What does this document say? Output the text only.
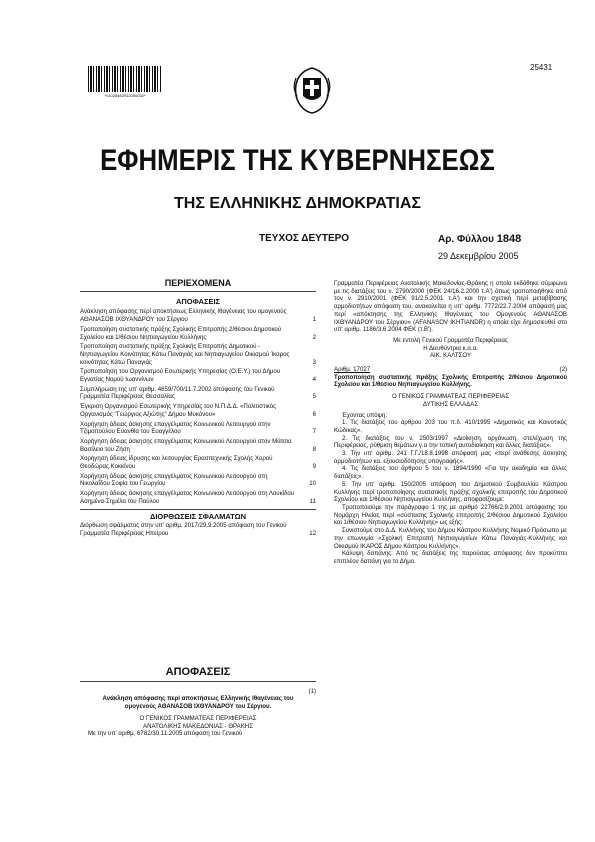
*01028482912050032*
25431
ΕΦΗΜΕΡΙΣ ΤΗΣ ΚΥΒΕΡΝΗΣΕΩΣ
ΤΗΣ ΕΛΛΗΝΙΚΗΣ ΔΗΜΟΚΡΑΤΙΑΣ
ΤΕΥΧΟΣ ΔΕΥΤΕΡΟ	Αρ. Φύλλου 1848
29 Δεκεμβρίου 2005
ΠΕΡΙΕΧΟΜΕΝΑ
ΑΠΟΦΑΣΕΙΣ
Ανάκληση απόφασης περί αποκτήσεως Ελληνικής Ιθαγένειας του ομογενούς ΑΘΑΝΑΣΟΒ ΙΧΘΥΑΝΔΡΟΥ του Σέργιου	1
Τροποποίηση συστατικής πράξης Σχολικής Επιτροπής 2/θέσιου Δημοτικού Σχολείου και 1/θέσιου Νηπιαγωγείου Κυλλήνης	2
Τροποποίηση συστατικής πράξης Σχολικής Επιτροπής Δημοτικού - Νηπιαγωγείου Κοινότητας Κάτω Παναγιάς και Νηπιαγωγείου Οικισμού Ίκαρος κοινότητας Κάτω Παναγιάς	3
Τροποποίηση του Οργανισμού Εσωτερικής Υπηρεσίας (Ο.Ε.Υ.) του Δήμου Εγνατίας Νομού Ιωαννίνων	4
Συμπλήρωση της υπ' αριθμ. 4659/700/11.7.2002 απόφασης του Γενικού Γραμματέα Περιφέρειας Θεσσαλίας	5
Έγκριση Οργανισμού Εσωτερικής Υπηρεσίας του Ν.Π.Δ.Δ. «Πολιτιστικός Οργανισμός "Γεώργιος Αξιώτης" Δήμου Μυκόνου»	6
Χορήγηση άδειας άσκησης επαγγέλματος Κοινωνικού Λειτουργού στην Τζιμοπούλου Ευανθία του Ευαγγέλου	7
Χορήγηση άδειας άσκησης επαγγέλματος Κοινωνικού Λειτουργού στον Μάτσια Βασίλειο του Ζήση	8
Χορήγηση άδειας ίδρυσης και λειτουργίας Ερασιτεχνικής Σχολής Χορού Θεοδώρας Κοκκίνου	9
Χορήγηση άδειας άσκησης επαγγέλματος Κοινωνικού Λειτουργού στη Νικολαΐδου Σοφία του Γεωργίου	10
Χορήγηση άδειας άσκησης επαγγέλματος Κοινωνικού Λειτουργού στη Λουκίδου Ασημένα-Σημέλα του Παύλου	11
ΔΙΟΡΘΩΣΕΙΣ ΣΦΑΛΜΑΤΩΝ
Διόρθωση σφάλματος στην υπ' αριθμ. 2017/29.9.2005 απόφαση του Γενικού Γραμματέα Περιφέρειας Ηπείρου	12
ΑΠΟΦΑΣΕΙΣ
(1)
Ανάκληση απόφασης περί αποκτήσεως Ελληνικής Ιθαγένειας του ομογενούς ΑΘΑΝΑΣΟΒ ΙΧΘΥΑΝΔΡΟΥ του Σέργιου.
Ο ΓΕΝΙΚΟΣ ΓΡΑΜΜΑΤΕΑΣ ΠΕΡΙΦΕΡΕΙΑΣ
ΑΝΑΤΟΛΙΚΗΣ ΜΑΚΕΔΟΝΙΑΣ - ΘΡΑΚΗΣ

Με την υπ' αριθμ. 6782/30.11.2005 απόφαση του Γενικού

Γραμματέα Περιφέρειας Ανατολικής Μακεδονίας-Θράκης η οποία εκδόθηκε σύμφωνα με τις διατάξεις του ν. 2790/2000 (ΦΕΚ 24/16.2.2000 τ.Α') όπως τροποποιήθηκε από τον ν. 2910/2001 (ΦΕΚ 91/2.5.2001 τ.Α') και την σχετική περί μεταβίβασης αρμοδιοτήτων απόφαση του, ανακαλείται η υπ' αριθμ. 7772/22.7.2004 απόφασή μας περί «απόκτησης της Ελληνικής Ιθαγένειας του Ομογενούς ΑΘΑΝΑΣΟΒ ΙΧΘΥΑΝΔΡΟΥ του Σέργιου» (AFANASOV IKHTIANDR) η οποία είχε δημοσιευθεί στο υπ' αριθμ. 1186/3.6.2004 ΦΕΚ (τ.Β').

Με εντολή Γενικού Γραμματέα Περιφέρειας
Η Διευθύντρια κ.α.α.
ΑΙΚ. ΚΑΛΤΣΟΥ
Αριθμ. 17027	(2)

Τροποποίηση συστατικής πράξης Σχολικής Επιτροπής 2/θέσιου Δημοτικού Σχολείου και 1/θέσιου Νηπιαγωγείου Κυλλήνης.

Ο ΓΕΝΙΚΟΣ ΓΡΑΜΜΑΤΕΑΣ ΠΕΡΙΦΕΡΕΙΑΣ
ΔΥΤΙΚΗΣ ΕΛΛΑΔΑΣ

Έχοντας υπόψη:

1. Τις διατάξεις του άρθρου 203 του π.δ. 410/1995 «Δημοτικός και Κοινοτικός Κώδικας».

2. Τις διατάξεις του ν. 2503/1997 «Διοίκηση, οργάνωση, στελέχωση της Περιφέρειας, ρύθμιση θεμάτων γ.α την τοπική αυτοδιοίκηση και άλλες διατάξεις».

3. Την υπ' αριθμ. 241 Γ.Γ./18.8.1998 απόφασή μας «περί ανάθεσης άσκησης αρμοδιοτήτων κα. εξουσιοδότησης υπογραφής».

4. Τις διατάξεις του άρθρου 5 του ν. 1894/1990 «Για την ακαδημία και άλλες διατάξεις».

5. Την υπ' αριθμ. 150/2005 απόφαση του Δημοτικού Συμβουλίου Κάστρου Κυλλήνης περί τροποποίησης συστατικής πράξης σχολικής επιτροπής του Δημοτικού Σχολείου και 1/θέσιου Νηπιαγωγείου Κυλλήνης, αποφασίζουμε:

Τροποποιούμε την παράγραφο 1 της με αριθμό 22766/2.9.2001 απόφασης του Νομάρχη Ηλείας περί «σύστασης Σχολικής επιτροπής 2/θέσιου Δημοτικού Σχολείου και 1/θέσιου Νηπιαγωγείου Κυλλήνης» ως εξής:

Συνιστούμε στο Δ.Δ. Κυλλήνης του Δήμου Κάστρου Κυλλήνης Νομικό Πρόσωπο με την επωνυμία «Σχολική Επιτροπή Νηπιαγωγείων Κάτω Παναγιάς-Κυλλήνης και Οικισμού ΙΚΑΡΟΣ Δήμου Κάστρου Κυλλήνης».

Κάλυψη δαπάνης: Από τις διατάξεις της παρούσας απόφασης δεν προκύπτει επιπλέον δαπάνη για το Δήμο.
